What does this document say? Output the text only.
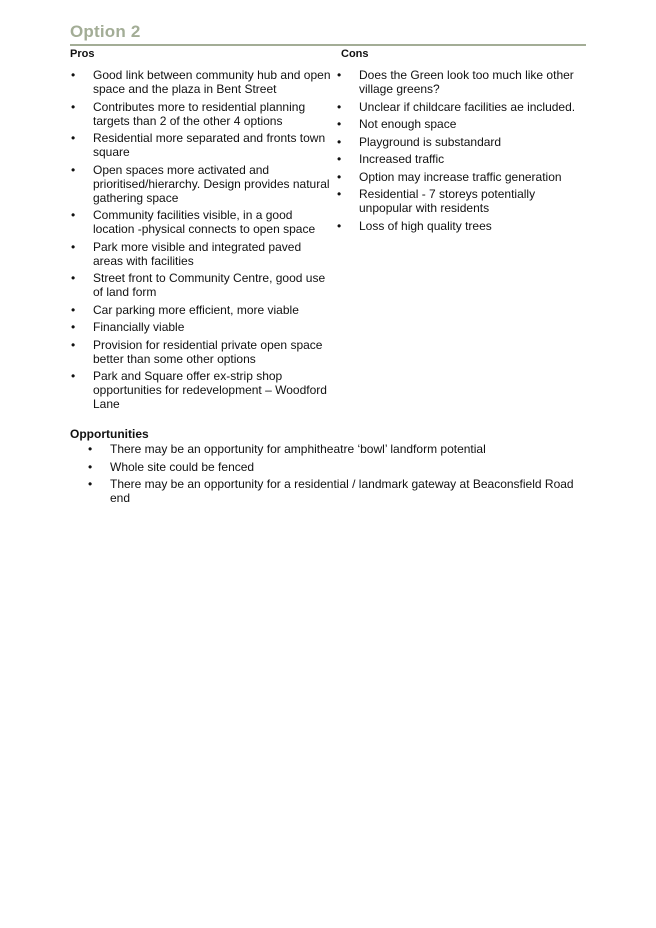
Option 2
Pros	Cons
• Good link between community hub and open space and the plaza in Bent Street
• Contributes more to residential planning targets than 2 of the other 4 options
• Residential more separated and fronts town square
• Open spaces more activated and prioritised/hierarchy. Design provides natural gathering space
• Community facilities visible, in a good location -physical connects to open space
• Park more visible and integrated paved areas with facilities
• Street front to Community Centre, good use of land form
• Car parking more efficient, more viable
• Financially viable
• Provision for residential private open space better than some other options
• Park and Square offer ex-strip shop opportunities for redevelopment – Woodford Lane
• Does the Green look too much like other village greens?
• Unclear if childcare facilities ae included.
• Not enough space
• Playground is substandard
• Increased traffic
• Option may increase traffic generation
• Residential - 7 storeys potentially unpopular with residents
• Loss of high quality trees
Opportunities
• There may be an opportunity for amphitheatre ‘bowl’ landform potential
• Whole site could be fenced
• There may be an opportunity for a residential / landmark gateway at Beaconsfield Road end
